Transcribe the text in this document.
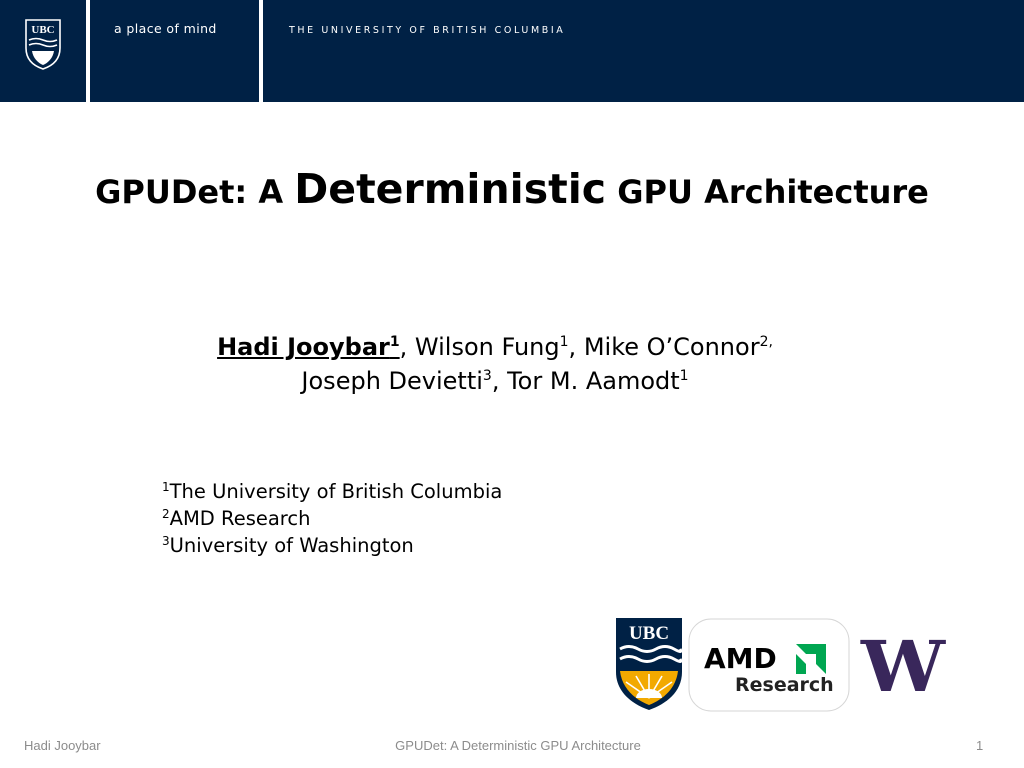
UBC	a place of mind	THE UNIVERSITY OF BRITISH COLUMBIA
GPUDet: A Deterministic GPU Architecture
Hadi Jooybar$^1$, Wilson Fung$^1$, Mike O’Connor$^{2,}$
Joseph Devietti$^3$, Tor M. Aamodt$^1$
$^1$The University of British Columbia
$^2$AMD Research
$^3$University of Washington
UBC
AMD
Research W
Hadi Jooybar	GPUDet: A Deterministic GPU Architecture	1
